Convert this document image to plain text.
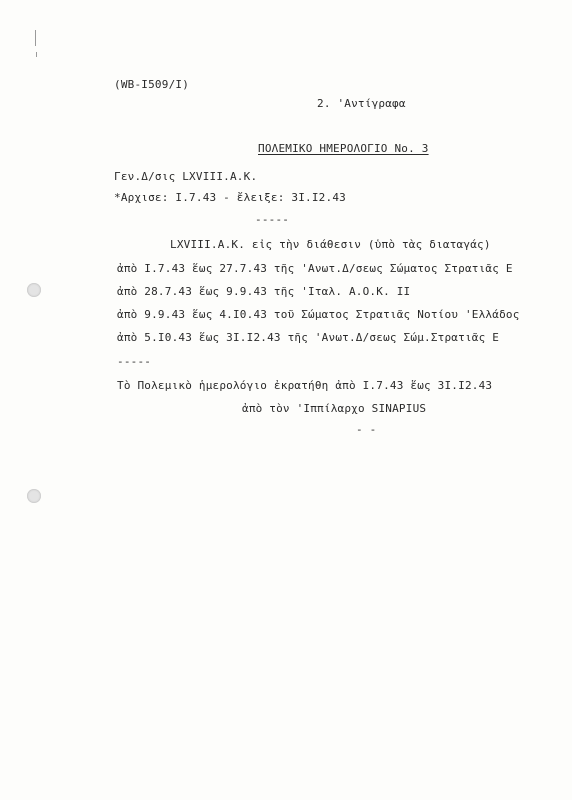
(WB-I509/I)
2. 'Αντίγραφα
ΠΟΛΕΜΙΚΟ ΗΜΕΡΟΛΟΓΙΟ No. 3
Γεν.Δ/σις LXVIII.Α.Κ.
*Αρχισε: I.7.43 - ἔλειξε: 3I.I2.43
-----
LXVIII.Α.Κ. εἰς τὴν διάθεσιν (ὑπὸ τὰς διαταγάς)
ἀπὸ I.7.43 ἕως 27.7.43 τῆς 'Ανωτ.Δ/σεως Σώματος Στρατιᾶς Ε
ἀπὸ 28.7.43 ἕως 9.9.43 τῆς 'Ιταλ. Α.Ο.Κ. II
ἀπὸ 9.9.43 ἕως 4.I0.43 τοῦ Σώματος Στρατιᾶς Νοτίου 'Ελλάδος
ἀπὸ 5.I0.43 ἕως 3I.I2.43 τῆς 'Ανωτ.Δ/σεως Σώμ.Στρατιᾶς Ε
-----
Τὸ Πολεμικὸ ἡμερολόγιο ἐκρατήθη ἀπὸ I.7.43 ἕως 3I.I2.43
ἀπὸ τὸν 'Ιππίλαρχο SINAPIUS
- -
